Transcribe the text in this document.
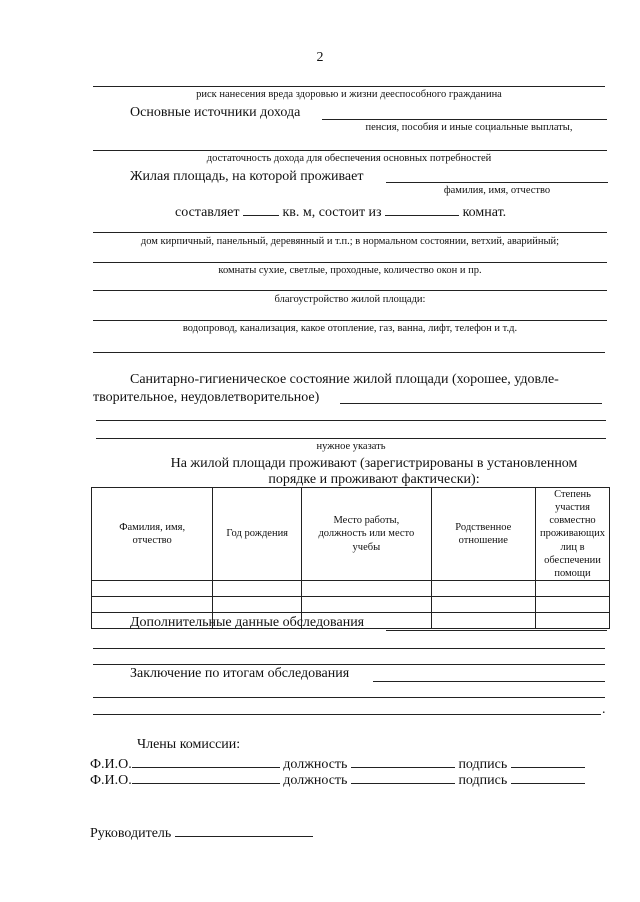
2
риск нанесения вреда здоровью и жизни дееспособного гражданина
Основные источники дохода
пенсия, пособия и иные социальные выплаты,
достаточность дохода для обеспечения основных потребностей
Жилая площадь, на которой проживает
фамилия, имя, отчество
составляет	кв. м, состоит из	комнат.
дом кирпичный, панельный, деревянный и т.п.; в нормальном состоянии, ветхий, аварийный;
комнаты сухие, светлые, проходные, количество окон и пр.
благоустройство жилой площади:
водопровод, канализация, какое отопление, газ, ванна, лифт, телефон и т.д.
Санитарно-гигиеническое состояние жилой площади (хорошее, удовле-
творительное, неудовлетворительное)
нужное указать
На жилой площади проживают (зарегистрированы в установленном
порядке и проживают фактически):
Фамилия, имя, отчество	Год рождения	Место работы, должность или место учебы	Родственное отношение	Степень участия совместно проживающих лиц в обеспечении помощи

Дополнительные данные обследования
Заключение по итогам обследования
.
Члены комиссии:
Ф.И.О.	должность	подпись
Ф.И.О.	должность	подпись
Руководитель
